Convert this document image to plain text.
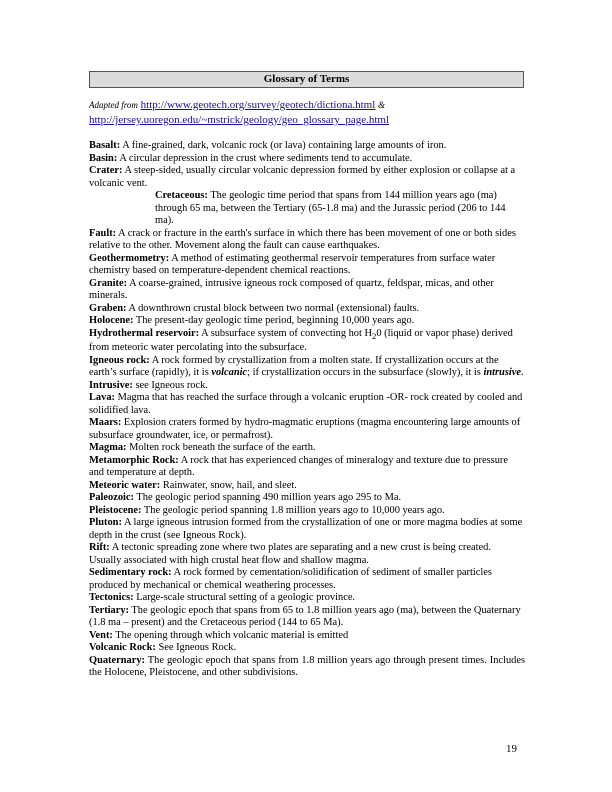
Glossary of Terms
Adapted from http://www.geotech.org/survey/geotech/dictiona.html &
http://jersey.uoregon.edu/~mstrick/geology/geo_glossary_page.html

Basalt: A fine-grained, dark, volcanic rock (or lava) containing large amounts of iron.

Basin: A circular depression in the crust where sediments tend to accumulate.

Crater: A steep-sided, usually circular volcanic depression formed by either explosion or collapse at a volcanic vent.

Cretaceous: The geologic time period that spans from 144 million years ago (ma) through 65 ma, between the Tertiary (65-1.8 ma) and the Jurassic period (206 to 144 ma).

Fault: A crack or fracture in the earth's surface in which there has been movement of one or both sides relative to the other. Movement along the fault can cause earthquakes.

Geothermometry: A method of estimating geothermal reservoir temperatures from surface water chemistry based on temperature-dependent chemical reactions.

Granite: A coarse-grained, intrusive igneous rock composed of quartz, feldspar, micas, and other minerals.

Graben: A downthrown crustal block between two normal (extensional) faults.

Holocene: The present-day geologic time period, beginning 10,000 years ago.

Hydrothermal reservoir: A subsurface system of convecting hot $H_20$ (liquid or vapor phase) derived from meteoric water percolating into the subsurface.

Igneous rock: A rock formed by crystallization from a molten state. If crystallization occurs at the earth’s surface (rapidly), it is volcanic; if crystallization occurs in the subsurface (slowly), it is intrusive.

Intrusive: see Igneous rock.

Lava: Magma that has reached the surface through a volcanic eruption -OR- rock created by cooled and solidified lava.

Maars: Explosion craters formed by hydro-magmatic eruptions (magma encountering large amounts of subsurface groundwater, ice, or permafrost).

Magma: Molten rock beneath the surface of the earth.

Metamorphic Rock: A rock that has experienced changes of mineralogy and texture due to pressure and temperature at depth.

Meteoric water: Rainwater, snow, hail, and sleet.

Paleozoic: The geologic period spanning 490 million years ago 295 to Ma.

Pleistocene: The geologic period spanning 1.8 million years ago to 10,000 years ago.

Pluton: A large igneous intrusion formed from the crystallization of one or more magma bodies at some depth in the crust (see Igneous Rock).

Rift: A tectonic spreading zone where two plates are separating and a new crust is being created. Usually associated with high crustal heat flow and shallow magma.

Sedimentary rock: A rock formed by cementation/solidification of sediment of smaller particles produced by mechanical or chemical weathering processes.

Tectonics: Large-scale structural setting of a geologic province.

Tertiary: The geologic epoch that spans from 65 to 1.8 million years ago (ma), between the Quaternary (1.8 ma – present) and the Cretaceous period (144 to 65 Ma).

Vent: The opening through which volcanic material is emitted

Volcanic Rock: See Igneous Rock.

Quaternary: The geologic epoch that spans from 1.8 million years ago through present times. Includes the Holocene, Pleistocene, and other subdivisions.

19
